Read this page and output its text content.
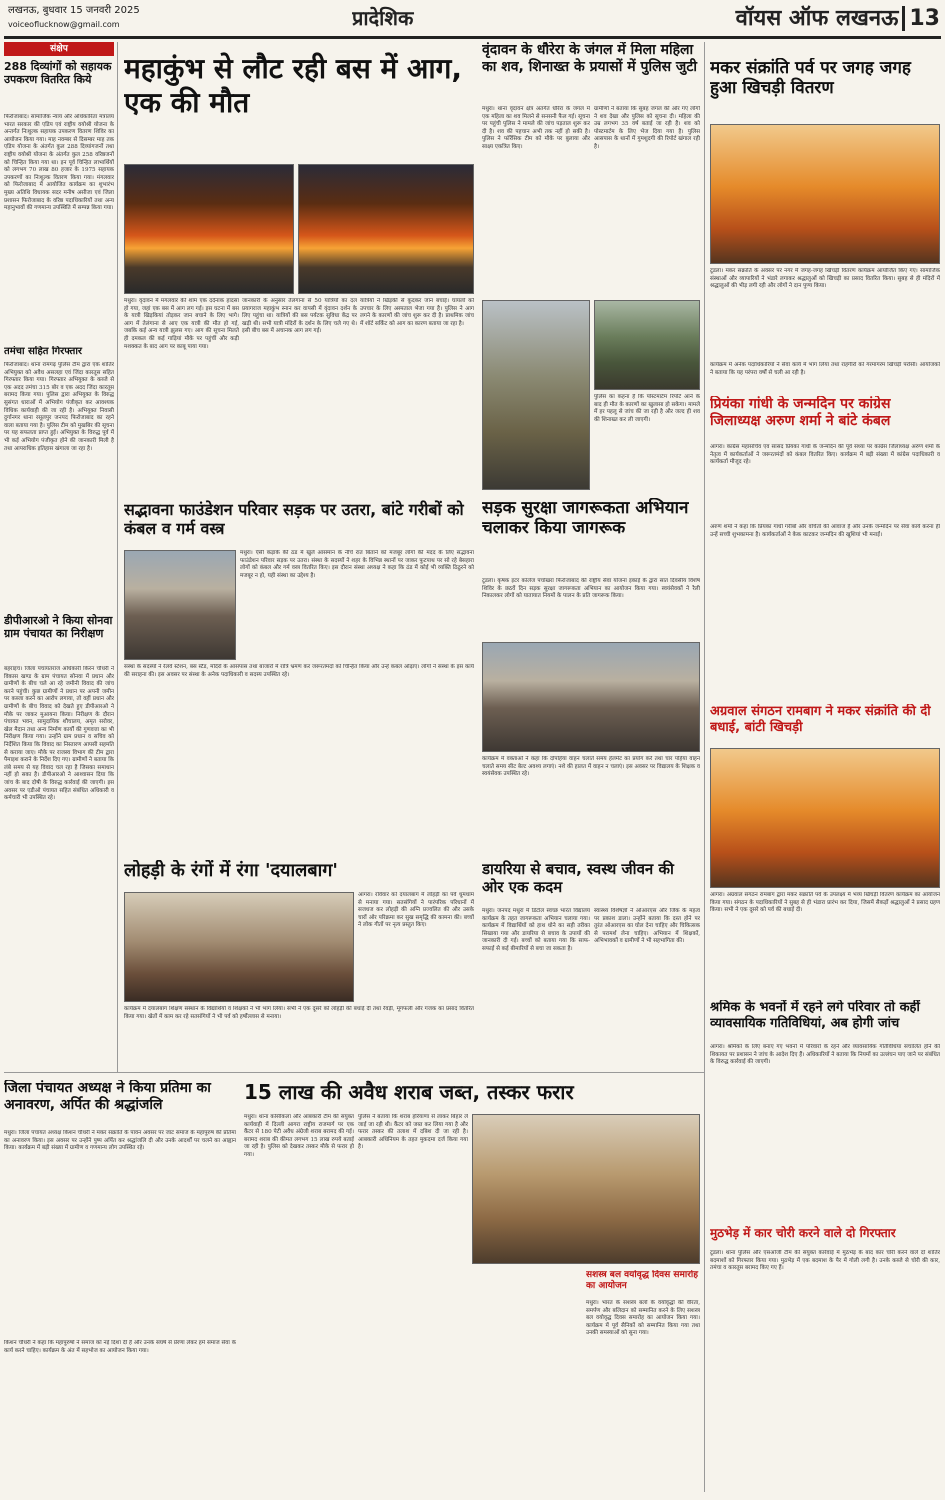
लखनऊ, बुधवार 15 जनवरी 2025
voiceoflucknow@gmail.com	प्रादेशिक	वॉयस ऑफ लखनऊ 13
संक्षेप
288 दिव्यांगों को सहायक उपकरण वितरित किये
फिरोजाबाद। सामाजिक न्याय और अधिकारिता मंत्रालय भारत सरकार की एडिप एवं राष्ट्रीय वयोश्री योजना के अन्तर्गत निःशुल्क सहायक उपकरण वितरण शिविर का आयोजन किया गया। माह नवम्बर से दिसम्बर माह तक एडिप योजना के अंतर्गत कुल 288 दिव्यांगजनों तथा राष्ट्रीय वयोश्री योजना के अंतर्गत कुल 258 वरिष्ठजनों को चिन्हित किया गया था। इन पूर्व चिन्हित लाभार्थियों को लगभग 70 लाख 80 हजार के 1975 सहायक उपकरणों का निःशुल्क वितरण किया गया। मंगलवार को फिरोजाबाद में आयोजित कार्यक्रम का शुभारंभ मुख्य अतिथि विधायक सदर मनीष असीजा एवं जिला प्रशासन फिरोजाबाद के वरिष्ठ पदाधिकारियों तथा अन्य महानुभावों की गणमान्य उपस्थिति में सम्पन्न किया गया।
तमंचा सहित गिरफ्तार
फिरोजाबाद। थाना रामगढ़ पुलिस टीम द्वारा एक शातिर अभियुक्त को अवैध असलहा एवं जिंदा कारतूस सहित गिरफ्तार किया गया। गिरफ्तार अभियुक्त के कब्जे से एक अदद तमंचा 315 बोर व एक अदद जिंदा कारतूस बरामद किया गया। पुलिस द्वारा अभियुक्त के विरुद्ध सुसंगत धाराओं में अभियोग पंजीकृत कर आवश्यक विधिक कार्यवाही की जा रही है। अभियुक्त निवासी दुर्गानगर थाना रसूलपुर जनपद फिरोजाबाद का रहने वाला बताया गया है। पुलिस टीम को मुखबिर की सूचना पर यह सफलता प्राप्त हुई। अभियुक्त के विरुद्ध पूर्व में भी कई अभियोग पंजीकृत होने की जानकारी मिली है तथा आपराधिक इतिहास खंगाला जा रहा है।
डीपीआरओ ने किया सोनवा ग्राम पंचायत का निरीक्षण
बहराइच। जिला पंचायतराज अधिकारी किरन चौधरी ने विकास खण्ड के ग्राम पंचायत सोनवा में प्रधान और ग्रामीणों के बीच चले आ रहे जमीनी विवाद की जांच करने पहुंची। कुछ ग्रामीणों ने प्रधान पर अपनी जमीन पर कब्जा करने का आरोप लगाया, तो वहीं प्रधान और ग्रामीणों के बीच विवाद को देखते हुए डीपीआरओ ने मौके पर जाकर मुआयना किया। निरीक्षण के दौरान पंचायत भवन, सामुदायिक शौचालय, अमृत सरोवर, खेल मैदान तथा अन्य निर्माण कार्यों की गुणवत्ता का भी निरीक्षण किया गया। उन्होंने ग्राम प्रधान व सचिव को निर्देशित किया कि विवाद का निस्तारण आपसी सहमति से कराया जाए। मौके पर राजस्व विभाग की टीम द्वारा पैमाइश कराने के निर्देश दिए गए। ग्रामीणों ने बताया कि लंबे समय से यह विवाद चल रहा है जिसका समाधान नहीं हो सका है। डीपीआरओ ने आश्वासन दिया कि जांच के बाद दोषी के विरुद्ध कार्रवाई की जाएगी। इस अवसर पर एडीओ पंचायत सहित संबंधित अधिकारी व कर्मचारी भी उपस्थित रहे।
महाकुंभ से लौट रही बस में आग, एक की मौत
मथुरा। वृंदावन में मंगलवार की शाम एक दर्दनाक हादसा हो गया, जहां एक बस में आग लग गई। इस घटना में बस के यात्री खिड़कियां तोड़कर जान बचाने के लिए भागे। आग में तेलंगाना से आए एक यात्री की मौत हो गई, जबकि कई अन्य यात्री झुलस गए। आग की सूचना मिलते ही दमकल की कई गाड़ियां मौके पर पहुंचीं और कड़ी मशक्कत के बाद आग पर काबू पाया गया।
जानकारी के अनुसार तेलंगाना से 50 यात्रियों का दल प्रयागराज महाकुंभ स्नान कर वापसी में वृंदावन दर्शन के लिए पहुंचा था। यात्रियों की बस पर्यटक सुविधा केंद्र पर खड़ी थी। सभी यात्री मंदिरों के दर्शन के लिए चले गए थे। इसी बीच बस में अचानक आग लग गई।
यात्रियों ने खिड़की से कूदकर जान बचाई। घायलों को उपचार के लिए अस्पताल भेजा गया है। पुलिस ने आग लगने के कारणों की जांच शुरू कर दी है। प्राथमिक जांच में शॉर्ट सर्किट को आग का कारण बताया जा रहा है।
सद्भावना फाउंडेशन परिवार सड़क पर उतरा, बांटे गरीबों को कंबल व गर्म वस्त्र
मथुरा। ऐसी कड़ाके की ठंड में खुले आसमान के नीचे रात बिताने को मजबूर लोगों की मदद के लिए सद्भावना फाउंडेशन परिवार सड़क पर उतरा। संस्था के सदस्यों ने शहर के विभिन्न स्थानों पर जाकर फुटपाथ पर सो रहे बेसहारा लोगों को कंबल और गर्म वस्त्र वितरित किए। इस दौरान संस्था अध्यक्ष ने कहा कि ठंड में कोई भी व्यक्ति ठिठुरने को मजबूर न हो, यही संस्था का उद्देश्य है।
संस्था के सदस्यों ने रेलवे स्टेशन, बस स्टैंड, मंदिरों के आसपास तथा बाजारों में रात्रि भ्रमण कर जरूरतमंदों को चिन्हित किया और उन्हें कंबल ओढ़ाए। लोगों ने संस्था के इस कार्य की सराहना की। इस अवसर पर संस्था के अनेक पदाधिकारी व सदस्य उपस्थित रहे।
लोहड़ी के रंगों में रंगा 'दयालबाग'
आगरा। रविवार को दयालबाग में लोहड़ी का पर्व धूमधाम से मनाया गया। सतसंगियों ने पारंपरिक परिधानों में सजधज कर लोहड़ी की अग्नि प्रज्वलित की और उसके चारों ओर परिक्रमा कर सुख समृद्धि की कामना की। बच्चों ने लोक गीतों पर नृत्य प्रस्तुत किए।
कार्यक्रम में दयालबाग शिक्षण संस्थान के विद्यार्थियों व शिक्षकों ने भी भाग लिया। सभी ने एक दूसरे को लोहड़ी की बधाई दी तथा रेवड़ी, मूंगफली और गजक का प्रसाद वितरित किया गया। खेतों में काम कर रहे सतसंगियों ने भी पर्व को हर्षोल्लास से मनाया।
वृंदावन के धौरेरा के जंगल में मिला महिला का शव, शिनाख्त के प्रयासों में पुलिस जुटी
मथुरा। थाना वृंदावन क्षेत्र अंतर्गत धौरेरा के जंगल में एक महिला का शव मिलने से सनसनी फैल गई। सूचना पर पहुंची पुलिस ने मामले की जांच पड़ताल शुरू कर दी है। शव की पहचान अभी तक नहीं हो सकी है। पुलिस ने फॉरेंसिक टीम को मौके पर बुलाया और साक्ष्य एकत्रित किए।
ग्रामीणों ने बताया कि सुबह जंगल की ओर गए लोगों ने शव देखा और पुलिस को सूचना दी। महिला की उम्र लगभग 35 वर्ष बताई जा रही है। शव को पोस्टमार्टम के लिए भेज दिया गया है। पुलिस आसपास के थानों में गुमशुदगी की रिपोर्ट खंगाल रही है।
पुलिस का कहना है कि पोस्टमार्टम रिपोर्ट आने के बाद ही मौत के कारणों का खुलासा हो सकेगा। मामले में हर पहलू से जांच की जा रही है और जल्द ही शव की शिनाख्त कर ली जाएगी।
सड़क सुरक्षा जागरूकता अभियान चलाकर किया जागरूक
टूंडला। कृषक इंटर कॉलेज पचोखरा फिरोजाबाद की राष्ट्रीय सेवा योजना इकाई के द्वारा सात दिवसीय विशेष शिविर के छठवें दिन सड़क सुरक्षा जागरूकता अभियान का आयोजन किया गया। स्वयंसेवकों ने रैली निकालकर लोगों को यातायात नियमों के पालन के प्रति जागरूक किया।
कार्यक्रम में वक्ताओं ने कहा कि दोपहिया वाहन चलाते समय हेलमेट का प्रयोग करें तथा चार पहिया वाहन चलाते समय सीट बेल्ट अवश्य लगाएं। नशे की हालत में वाहन न चलाएं। इस अवसर पर विद्यालय के शिक्षक व स्वयंसेवक उपस्थित रहे।
डायरिया से बचाव, स्वस्थ जीवन की ओर एक कदम
मथुरा। जनपद मथुरा में डिटॉल स्वच्छ भारत विद्यालय कार्यक्रम के तहत जागरूकता अभियान चलाया गया। कार्यक्रम में विद्यार्थियों को हाथ धोने का सही तरीका सिखाया गया और डायरिया से बचाव के उपायों की जानकारी दी गई। बच्चों को बताया गया कि साफ-सफाई से कई बीमारियों से बचा जा सकता है।
स्वास्थ्य विशेषज्ञों ने ओआरएस और जिंक के महत्व पर प्रकाश डाला। उन्होंने बताया कि दस्त होने पर तुरंत ओआरएस का घोल देना चाहिए और चिकित्सक से परामर्श लेना चाहिए। अभियान में शिक्षकों, अभिभावकों व ग्रामीणों ने भी सहभागिता की।
मकर संक्रांति पर्व पर जगह जगह हुआ खिचड़ी वितरण
टूंडला। मकर संक्रांति के अवसर पर नगर में जगह-जगह खिचड़ी वितरण कार्यक्रम आयोजित किए गए। सामाजिक संस्थाओं और व्यापारियों ने भंडारे लगाकर श्रद्धालुओं को खिचड़ी का प्रसाद वितरित किया। सुबह से ही मंदिरों में श्रद्धालुओं की भीड़ लगी रही और लोगों ने दान पुण्य किया।
कार्यक्रम में अनेक पदाधिकारियों ने सेवा कार्य में भाग लिया तथा राहगीरों को गरमागरम खिचड़ी परोसी। आयोजकों ने बताया कि यह परंपरा वर्षों से चली आ रही है।
प्रियंका गांधी के जन्मदिन पर कांग्रेस जिलाध्यक्ष अरुण शर्मा ने बांटे कंबल
आगरा। कांग्रेस महासचिव एवं सांसद प्रियंका गांधी के जन्मदिन की पूर्व संध्या पर कांग्रेस जिलाध्यक्ष अरुण शर्मा के नेतृत्व में कार्यकर्ताओं ने जरूरतमंदों को कंबल वितरित किए। कार्यक्रम में बड़ी संख्या में कांग्रेस पदाधिकारी व कार्यकर्ता मौजूद रहे।
अरुण शर्मा ने कहा कि प्रियंका गांधी गरीबों और वंचितों की आवाज हैं और उनके जन्मदिन पर सेवा कार्य करना ही उन्हें सच्ची शुभकामना है। कार्यकर्ताओं ने केक काटकर जन्मदिन की खुशियां भी मनाईं।
अग्रवाल संगठन रामबाग ने मकर संक्रांति की दी बधाई, बांटी खिचड़ी
आगरा। अग्रवाल संगठन रामबाग द्वारा मकर संक्रांति पर्व के उपलक्ष्य में भव्य खिचड़ी वितरण कार्यक्रम का आयोजन किया गया। संगठन के पदाधिकारियों ने सुबह से ही भंडारा प्रारंभ कर दिया, जिसमें सैकड़ों श्रद्धालुओं ने प्रसाद ग्रहण किया। सभी ने एक दूसरे को पर्व की बधाई दी।
श्रमिक के भवनों में रहने लगे परिवार तो कहीं व्यावसायिक गतिविधियां, अब होगी जांच
आगरा। श्रमिकों के लिए बनाए गए भवनों में परिवारों के रहने और व्यावसायिक गतिविधियां संचालित होने की शिकायत पर प्रशासन ने जांच के आदेश दिए हैं। अधिकारियों ने बताया कि नियमों का उल्लंघन पाए जाने पर संबंधित के विरुद्ध कार्रवाई की जाएगी।
मुठभेड़ में कार चोरी करने वाले दो गिरफ्तार
टूंडला। थाना पुलिस और एसओजी टीम की संयुक्त कार्रवाई में मुठभेड़ के बाद कार चोरी करने वाले दो शातिर बदमाशों को गिरफ्तार किया गया। मुठभेड़ में एक बदमाश के पैर में गोली लगी है। उनके कब्जे से चोरी की कार, तमंचा व कारतूस बरामद किए गए हैं।
जिला पंचायत अध्यक्ष ने किया प्रतिमा का अनावरण, अर्पित की श्रद्धांजलि
मथुरा। जिला पंचायत अध्यक्ष किशन चौधरी ने मकर संक्रांति के पावन अवसर पर जाट समाज के महापुरुष की प्रतिमा का अनावरण किया। इस अवसर पर उन्होंने पुष्प अर्पित कर श्रद्धांजलि दी और उनके आदर्शों पर चलने का आह्वान किया। कार्यक्रम में बड़ी संख्या में ग्रामीण व गणमान्य लोग उपस्थित रहे।
किशन चौधरी ने कहा कि महापुरुषों ने समाज को नई दिशा दी है और उनके संघर्ष से प्रेरणा लेकर हमें समाज सेवा के कार्य करने चाहिए। कार्यक्रम के अंत में सहभोज का आयोजन किया गया।
15 लाख की अवैध शराब जब्त, तस्कर फरार
मथुरा। थाना कोसीकलां और आबकारी टीम की संयुक्त कार्यवाही में दिल्ली आगरा राष्ट्रीय राजमार्ग पर एक कैंटर से 180 पेटी अवैध अंग्रेजी शराब बरामद की गई। बरामद शराब की कीमत लगभग 15 लाख रुपये बताई जा रही है। पुलिस को देखकर तस्कर मौके से फरार हो गया।
पुलिस ने बताया कि शराब हरियाणा से लाकर बिहार ले जाई जा रही थी। कैंटर को जब्त कर लिया गया है और फरार तस्कर की तलाश में दबिश दी जा रही है। आबकारी अधिनियम के तहत मुकदमा दर्ज किया गया है।
सशस्त्र बल वयोवृद्ध दिवस समारोह का आयोजन
मथुरा। भारत के सशस्त्र बलों के वयोवृद्धों की वीरता, समर्पण और बलिदान को सम्मानित करने के लिए सशस्त्र बल वयोवृद्ध दिवस समारोह का आयोजन किया गया। कार्यक्रम में पूर्व सैनिकों को सम्मानित किया गया तथा उनकी समस्याओं को सुना गया।
